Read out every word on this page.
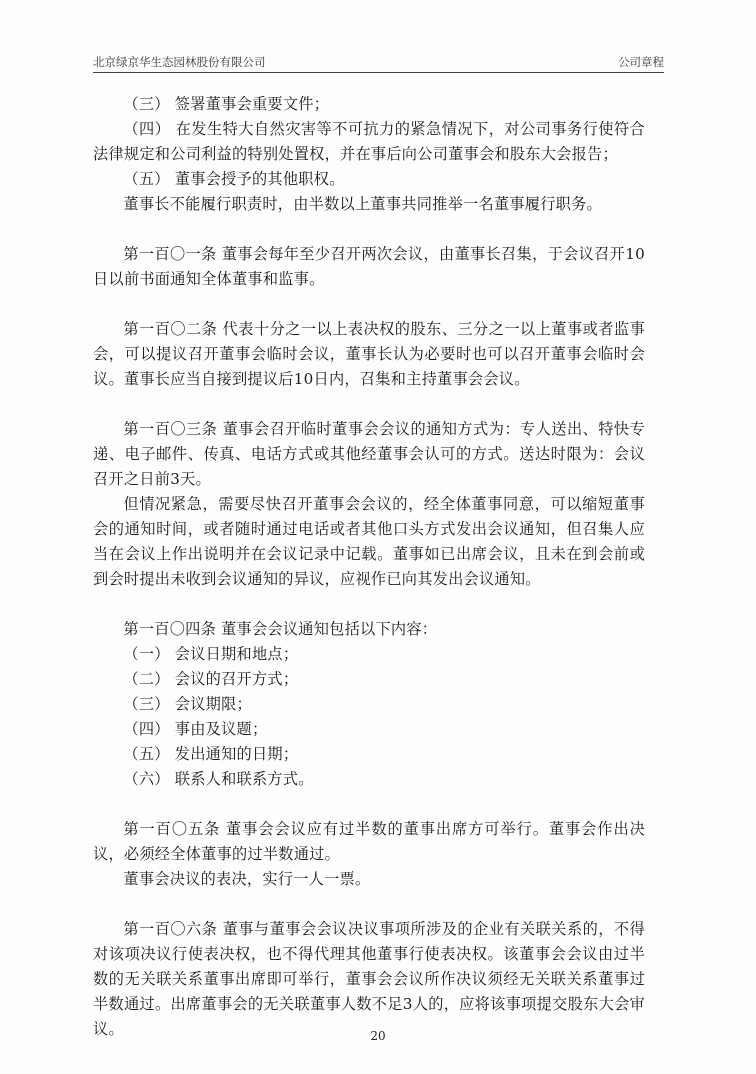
北京绿京华生态园林股份有限公司	公司章程

（三） 签署董事会重要文件；

（四） 在发生特大自然灾害等不可抗力的紧急情况下，对公司事务行使符合法律规定和公司利益的特别处置权，并在事后向公司董事会和股东大会报告；

（五） 董事会授予的其他职权。

董事长不能履行职责时，由半数以上董事共同推举一名董事履行职务。

第一百〇一条 董事会每年至少召开两次会议，由董事长召集，于会议召开10日以前书面通知全体董事和监事。

第一百〇二条 代表十分之一以上表决权的股东、三分之一以上董事或者监事会，可以提议召开董事会临时会议，董事长认为必要时也可以召开董事会临时会议。董事长应当自接到提议后10日内，召集和主持董事会会议。

第一百〇三条 董事会召开临时董事会会议的通知方式为：专人送出、特快专递、电子邮件、传真、电话方式或其他经董事会认可的方式。送达时限为：会议召开之日前3天。

但情况紧急，需要尽快召开董事会会议的，经全体董事同意，可以缩短董事会的通知时间，或者随时通过电话或者其他口头方式发出会议通知，但召集人应当在会议上作出说明并在会议记录中记载。董事如已出席会议，且未在到会前或到会时提出未收到会议通知的异议，应视作已向其发出会议通知。

第一百〇四条 董事会会议通知包括以下内容：

（一） 会议日期和地点；

（二） 会议的召开方式；

（三） 会议期限；

（四） 事由及议题；

（五） 发出通知的日期；

（六） 联系人和联系方式。

第一百〇五条 董事会会议应有过半数的董事出席方可举行。董事会作出决议，必须经全体董事的过半数通过。

董事会决议的表决，实行一人一票。

第一百〇六条 董事与董事会会议决议事项所涉及的企业有关联关系的，不得对该项决议行使表决权，也不得代理其他董事行使表决权。该董事会会议由过半数的无关联关系董事出席即可举行，董事会会议所作决议须经无关联关系董事过半数通过。出席董事会的无关联董事人数不足3人的，应将该事项提交股东大会审议。	20
